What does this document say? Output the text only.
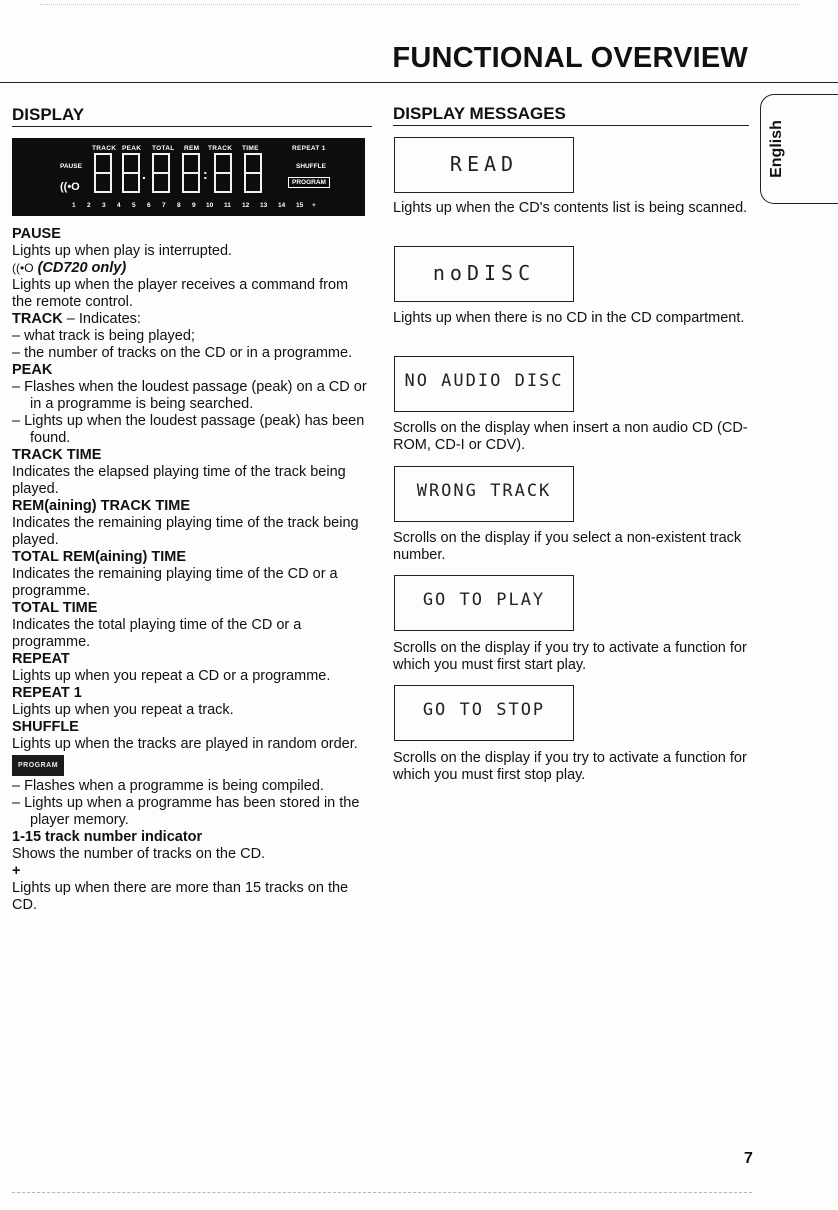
FUNCTIONAL OVERVIEW
English
DISPLAY	DISPLAY MESSAGES
TRACK PEAK TOTAL REM TRACK TIME	REPEAT 1
PAUSE
((•O
.	:	SHUFFLE
PROGRAM
1 2 3 4 5 6 7 8 9 10 11 12 13 14 15 +

PAUSE

Lights up when play is interrupted.

((•O (CD720 only)

Lights up when the player receives a command from the remote control.

TRACK – Indicates:

– what track is being played;

– the number of tracks on the CD or in a programme.

PEAK

– Flashes when the loudest passage (peak) on a CD or in a programme is being searched.

– Lights up when the loudest passage (peak) has been found.

TRACK TIME

Indicates the elapsed playing time of the track being played.

REM(aining) TRACK TIME

Indicates the remaining playing time of the track being played.

TOTAL REM(aining) TIME

Indicates the remaining playing time of the CD or a programme.

TOTAL TIME

Indicates the total playing time of the CD or a programme.

REPEAT

Lights up when you repeat a CD or a programme.

REPEAT 1

Lights up when you repeat a track.

SHUFFLE

Lights up when the tracks are played in random order.

PROGRAM

– Flashes when a programme is being compiled.

– Lights up when a programme has been stored in the player memory.

1-15 track number indicator

Shows the number of tracks on the CD.

+

Lights up when there are more than 15 tracks on the CD.

READ

Lights up when the CD's contents list is being scanned.

noDISC

Lights up when there is no CD in the CD compartment.

NO AUDIO DISC

Scrolls on the display when insert a non audio CD (CD-ROM, CD-I or CDV).

WRONG TRACK

Scrolls on the display if you select a non-existent track number.

GO TO PLAY

Scrolls on the display if you try to activate a function for which you must first start play.

GO TO STOP

Scrolls on the display if you try to activate a function for which you must first stop play.

7
